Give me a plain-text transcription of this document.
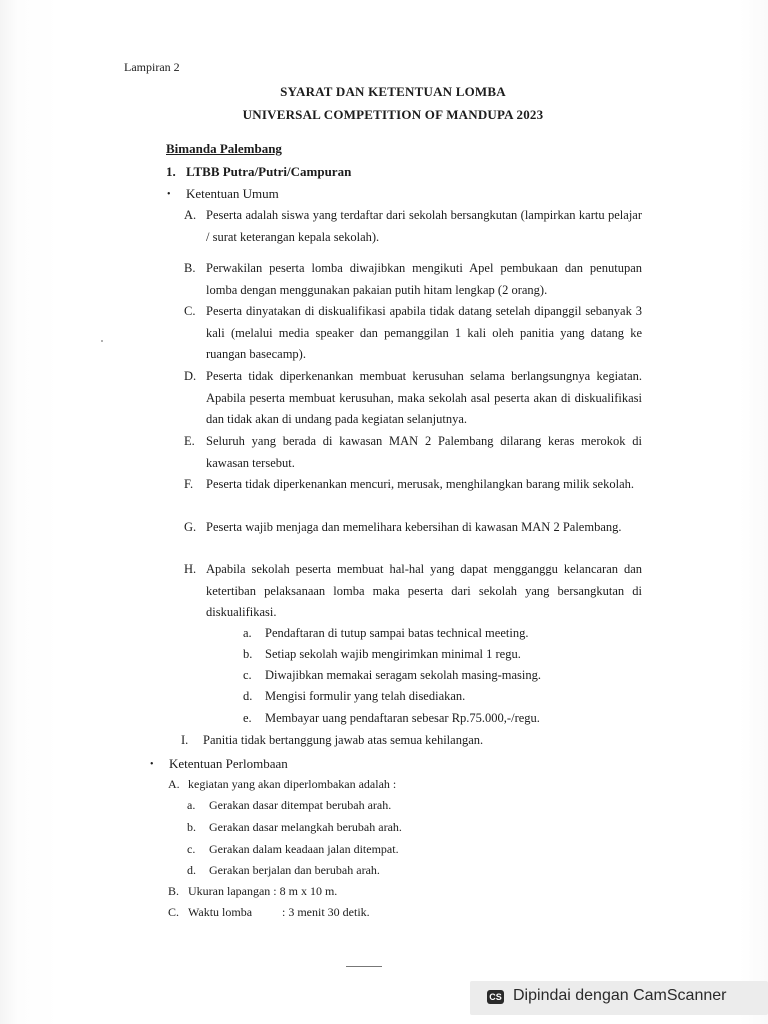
Lampiran 2
SYARAT DAN KETENTUAN LOMBA
UNIVERSAL COMPETITION OF MANDUPA 2023
Bimanda Palembang
1. LTBB Putra/Putri/Campuran
• Ketentuan Umum
A. Peserta adalah siswa yang terdaftar dari sekolah bersangkutan (lampirkan kartu pelajar / surat keterangan kepala sekolah).
B. Perwakilan peserta lomba diwajibkan mengikuti Apel pembukaan dan penutupan lomba dengan menggunakan pakaian putih hitam lengkap (2 orang).
C. Peserta dinyatakan di diskualifikasi apabila tidak datang setelah dipanggil sebanyak 3 kali (melalui media speaker dan pemanggilan 1 kali oleh panitia yang datang ke ruangan basecamp).
D. Peserta tidak diperkenankan membuat kerusuhan selama berlangsungnya kegiatan. Apabila peserta membuat kerusuhan, maka sekolah asal peserta akan di diskualifikasi dan tidak akan di undang pada kegiatan selanjutnya.
E. Seluruh yang berada di kawasan MAN 2 Palembang dilarang keras merokok di kawasan tersebut.
F. Peserta tidak diperkenankan mencuri, merusak, menghilangkan barang milik sekolah.
G. Peserta wajib menjaga dan memelihara kebersihan di kawasan MAN 2 Palembang.
H. Apabila sekolah peserta membuat hal-hal yang dapat mengganggu kelancaran dan ketertiban pelaksanaan lomba maka peserta dari sekolah yang bersangkutan di diskualifikasi.
a. Pendaftaran di tutup sampai batas technical meeting.
b. Setiap sekolah wajib mengirimkan minimal 1 regu.
c. Diwajibkan memakai seragam sekolah masing-masing.
d. Mengisi formulir yang telah disediakan.
e. Membayar uang pendaftaran sebesar Rp.75.000,-/regu.
I. Panitia tidak bertanggung jawab atas semua kehilangan.
• Ketentuan Perlombaan
A. kegiatan yang akan diperlombakan adalah :
a. Gerakan dasar ditempat berubah arah.
b. Gerakan dasar melangkah berubah arah.
c. Gerakan dalam keadaan jalan ditempat.
d. Gerakan berjalan dan berubah arah.
B. Ukuran lapangan : 8 m x 10 m.
C. Waktu lomba : 3 menit 30 detik.
CS Dipindai dengan CamScanner
